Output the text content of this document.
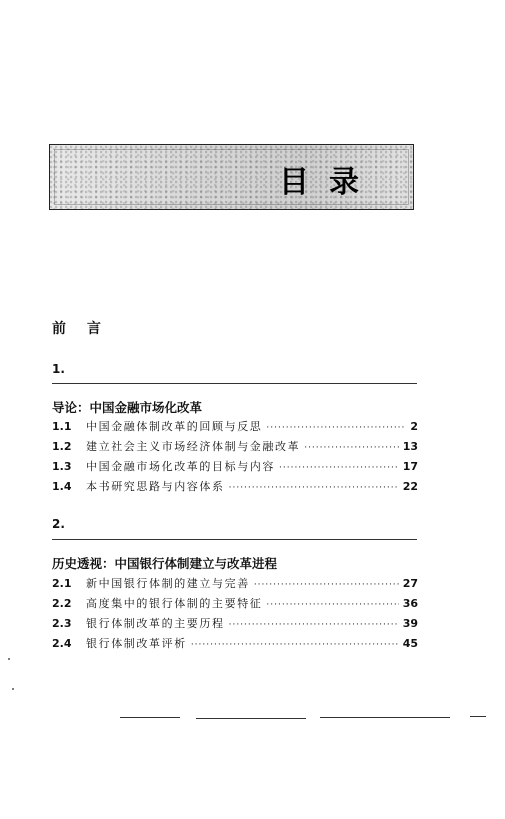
目录
前 言
1.
导论：中国金融市场化改革
1.1	中国金融体制改革的回顾与反思 ·····	2
1.2	建立社会主义市场经济体制与金融改革 ·····	13
1.3	中国金融市场化改革的目标与内容 ·····	17
1.4	本书研究思路与内容体系 ·····	22
2.
历史透视：中国银行体制建立与改革进程
2.1	新中国银行体制的建立与完善 ·····	27
2.2	高度集中的银行体制的主要特征 ·····	36
2.3	银行体制改革的主要历程 ·····	39
2.4	银行体制改革评析 ·····	45
